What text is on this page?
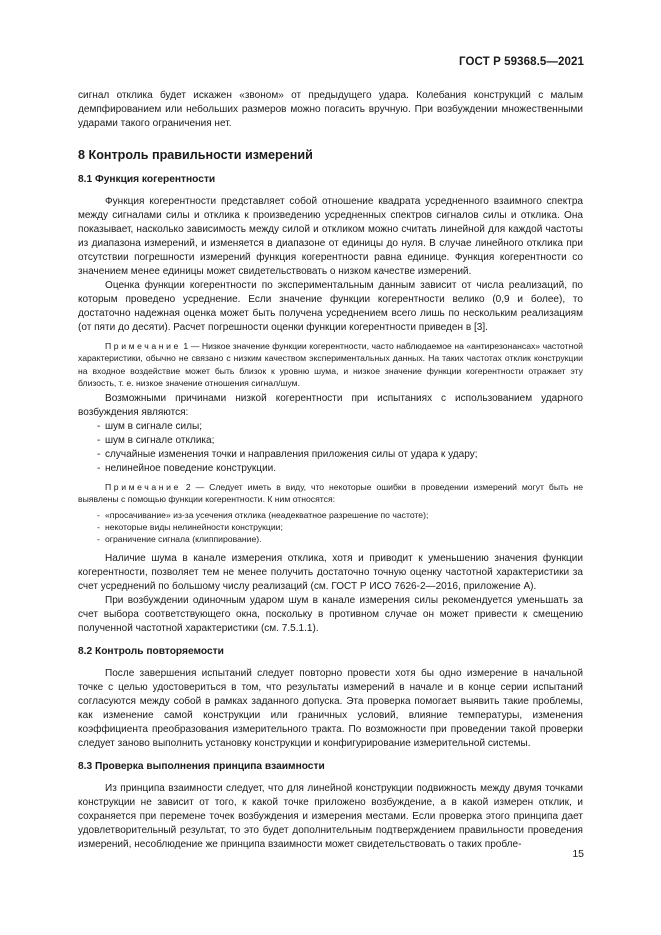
ГОСТ Р 59368.5—2021

сигнал отклика будет искажен «звоном» от предыдущего удара. Колебания конструкций с малым демпфированием или небольших размеров можно погасить вручную. При возбуждении множественными ударами такого ограничения нет.

8 Контроль правильности измерений
8.1 Функция когерентности

Функция когерентности представляет собой отношение квадрата усредненного взаимного спектра между сигналами силы и отклика к произведению усредненных спектров сигналов силы и отклика. Она показывает, насколько зависимость между силой и откликом можно считать линейной для каждой частоты из диапазона измерений, и изменяется в диапазоне от единицы до нуля. В случае линейного отклика при отсутствии погрешности измерений функция когерентности равна единице. Функция когерентности со значением менее единицы может свидетельствовать о низком качестве измерений.

Оценка функции когерентности по экспериментальным данным зависит от числа реализаций, по которым проведено усреднение. Если значение функции когерентности велико (0,9 и более), то достаточно надежная оценка может быть получена усреднением всего лишь по нескольким реализациям (от пяти до десяти). Расчет погрешности оценки функции когерентности приведен в [3].

Примечание 1 — Низкое значение функции когерентности, часто наблюдаемое на «антирезонансах» частотной характеристики, обычно не связано с низким качеством экспериментальных данных. На таких частотах отклик конструкции на входное воздействие может быть близок к уровню шума, и низкое значение функции когерентности отражает эту близость, т. е. низкое значение отношения сигнал/шум.

Возможными причинами низкой когерентности при испытаниях с использованием ударного возбуждения являются:

- шум в сигнале силы;
- шум в сигнале отклика;
- случайные изменения точки и направления приложения силы от удара к удару;
- нелинейное поведение конструкции.

Примечание 2 — Следует иметь в виду, что некоторые ошибки в проведении измерений могут быть не выявлены с помощью функции когерентности. К ним относятся:

- «просачивание» из-за усечения отклика (неадекватное разрешение по частоте);
- некоторые виды нелинейности конструкции;
- ограничение сигнала (клиппирование).

Наличие шума в канале измерения отклика, хотя и приводит к уменьшению значения функции когерентности, позволяет тем не менее получить достаточно точную оценку частотной характеристики за счет усреднений по большому числу реализаций (см. ГОСТ Р ИСО 7626-2—2016, приложение А).

При возбуждении одиночным ударом шум в канале измерения силы рекомендуется уменьшать за счет выбора соответствующего окна, поскольку в противном случае он может привести к смещению полученной частотной характеристики (см. 7.5.1.1).

8.2 Контроль повторяемости

После завершения испытаний следует повторно провести хотя бы одно измерение в начальной точке с целью удостовериться в том, что результаты измерений в начале и в конце серии испытаний согласуются между собой в рамках заданного допуска. Эта проверка помогает выявить такие проблемы, как изменение самой конструкции или граничных условий, влияние температуры, изменения коэффициента преобразования измерительного тракта. По возможности при проведении такой проверки следует заново выполнить установку конструкции и конфигурирование измерительной системы.

8.3 Проверка выполнения принципа взаимности

Из принципа взаимности следует, что для линейной конструкции подвижность между двумя точками конструкции не зависит от того, к какой точке приложено возбуждение, а в какой измерен отклик, и сохраняется при перемене точек возбуждения и измерения местами. Если проверка этого принципа дает удовлетворительный результат, то это будет дополнительным подтверждением правильности проведения измерений, несоблюдение же принципа взаимности может свидетельствовать о таких пробле-

15
